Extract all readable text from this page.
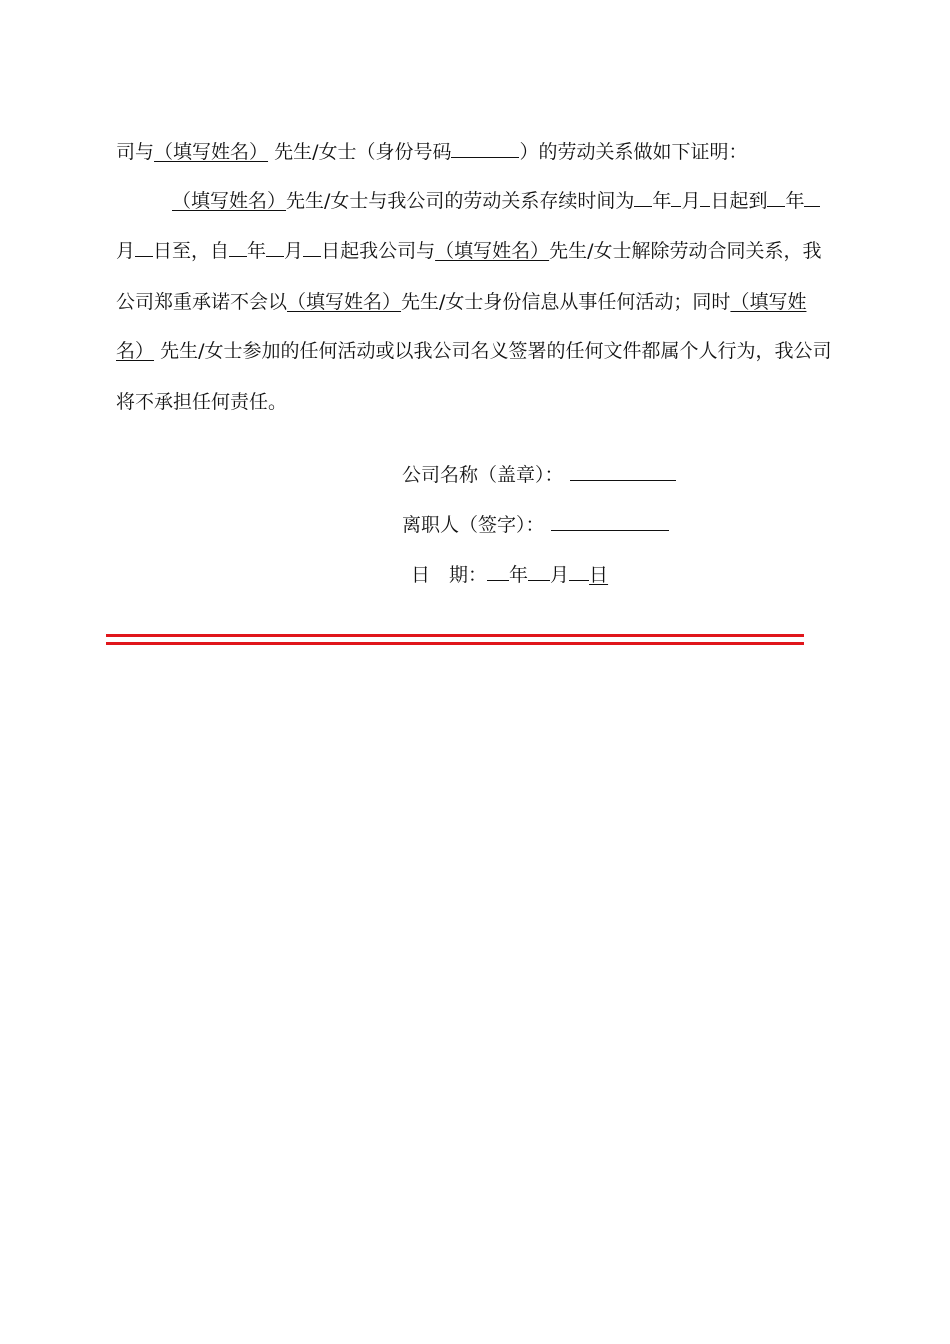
司与（填写姓名） 先生/女士（身份号码	）的劳动关系做如下证明：
（填写姓名）先生/女士与我公司的劳动关系存续时间为 年 月 日起到 年
月 日至，自 年 月 日起我公司与（填写姓名）先生/女士解除劳动合同关系，我
公司郑重承诺不会以（填写姓名）先生/女士身份信息从事任何活动；同时（填写姓
名） 先生/女士参加的任何活动或以我公司名义签署的任何文件都属个人行为，我公司
将不承担任何责任。
公司名称（盖章）：
离职人（签字）：
日　期： 年 月 日
